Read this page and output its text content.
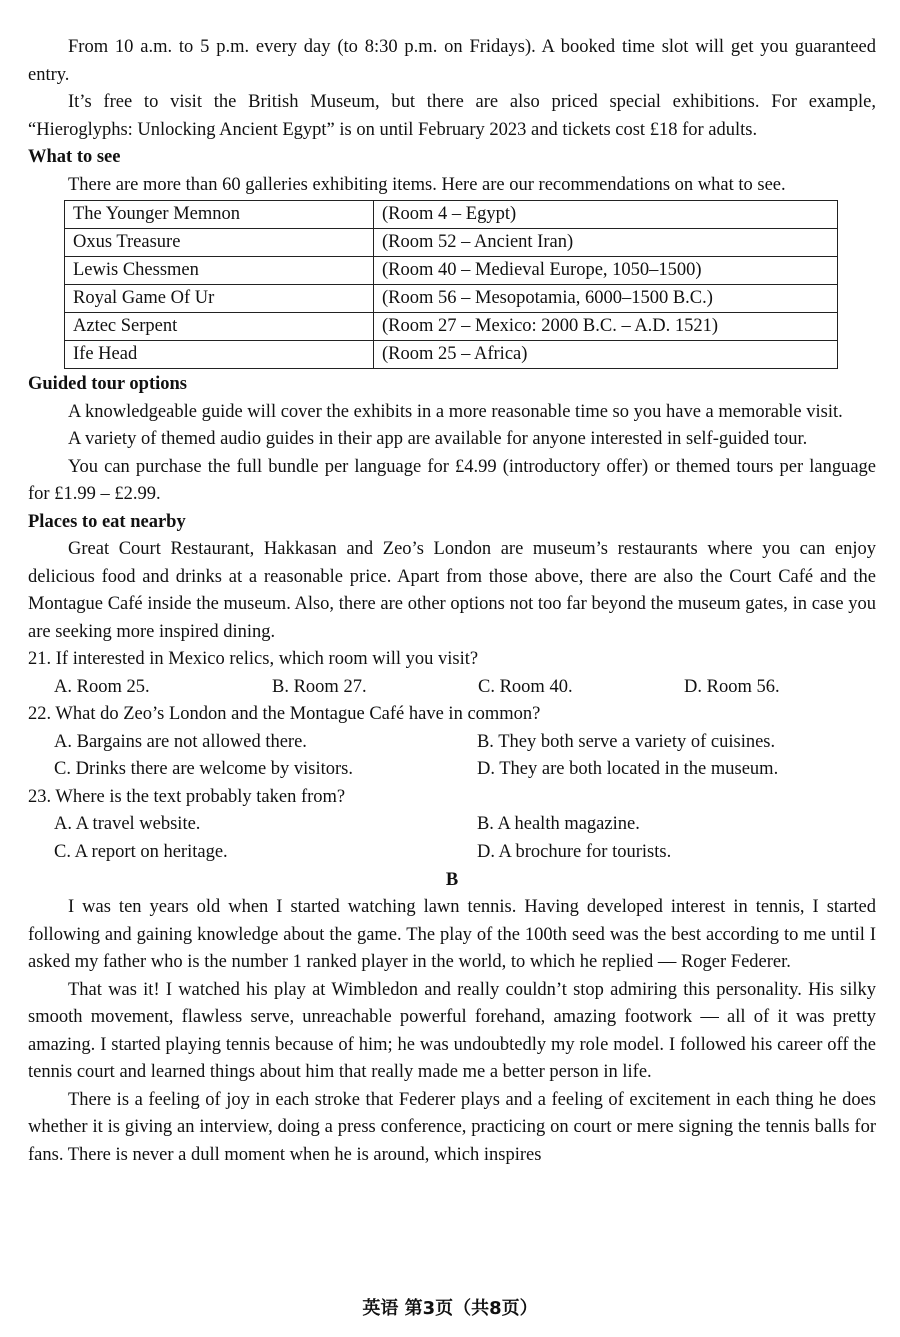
From 10 a.m. to 5 p.m. every day (to 8:30 p.m. on Fridays). A booked time slot will get you guaranteed entry.

It’s free to visit the British Museum, but there are also priced special exhibitions. For example, “Hieroglyphs: Unlocking Ancient Egypt” is on until February 2023 and tickets cost £18 for adults.

What to see

There are more than 60 galleries exhibiting items. Here are our recommendations on what to see.

The Younger Memnon	(Room 4 – Egypt)
Oxus Treasure	(Room 52 – Ancient Iran)
Lewis Chessmen	(Room 40 – Medieval Europe, 1050–1500)
Royal Game Of Ur	(Room 56 – Mesopotamia, 6000–1500 B.C.)
Aztec Serpent	(Room 27 – Mexico: 2000 B.C. – A.D. 1521)
Ife Head	(Room 25 – Africa)
Guided tour options

A knowledgeable guide will cover the exhibits in a more reasonable time so you have a memorable visit.

A variety of themed audio guides in their app are available for anyone interested in self-guided tour.

You can purchase the full bundle per language for £4.99 (introductory offer) or themed tours per language for £1.99 – £2.99.

Places to eat nearby

Great Court Restaurant, Hakkasan and Zeo’s London are museum’s restaurants where you can enjoy delicious food and drinks at a reasonable price. Apart from those above, there are also the Court Café and the Montague Café inside the museum. Also, there are other options not too far beyond the museum gates, in case you are seeking more inspired dining.

21. If interested in Mexico relics, which room will you visit?
A. Room 25.	B. Room 27.	C. Room 40.	D. Room 56.
22. What do Zeo’s London and the Montague Café have in common?
A. Bargains are not allowed there.	B. They both serve a variety of cuisines.
C. Drinks there are welcome by visitors.	D. They are both located in the museum.
23. Where is the text probably taken from?
A. A travel website.	B. A health magazine.
C. A report on heritage.	D. A brochure for tourists.
B

I was ten years old when I started watching lawn tennis. Having developed interest in tennis, I started following and gaining knowledge about the game. The play of the 100th seed was the best according to me until I asked my father who is the number 1 ranked player in the world, to which he replied — Roger Federer.

That was it! I watched his play at Wimbledon and really couldn’t stop admiring this personality. His silky smooth movement, flawless serve, unreachable powerful forehand, amazing footwork — all of it was pretty amazing. I started playing tennis because of him; he was undoubtedly my role model. I followed his career off the tennis court and learned things about him that really made me a better person in life.

There is a feeling of joy in each stroke that Federer plays and a feeling of excitement in each thing he does whether it is giving an interview, doing a press conference, practicing on court or mere signing the tennis balls for fans. There is never a dull moment when he is around, which inspires

英语 第3页（共8页）
